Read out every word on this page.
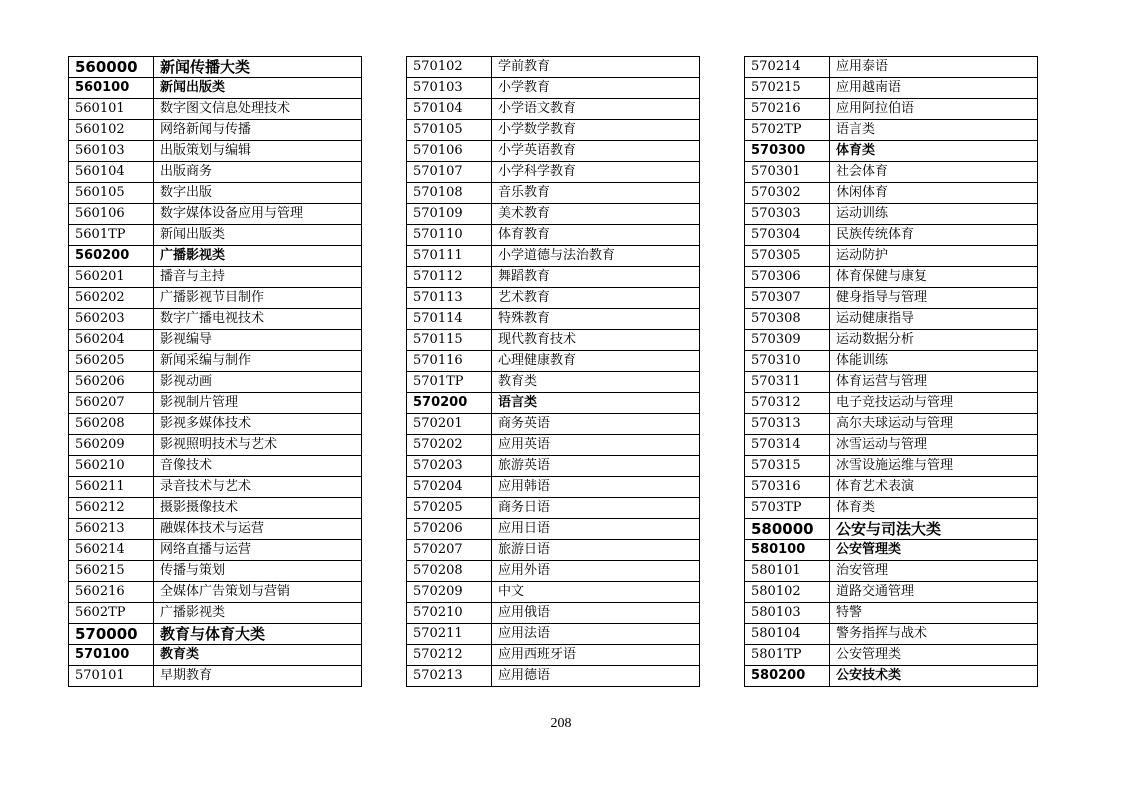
560000	新闻传播大类
560100	新闻出版类
560101	数字图文信息处理技术
560102	网络新闻与传播
560103	出版策划与编辑
560104	出版商务
560105	数字出版
560106	数字媒体设备应用与管理
5601TP	新闻出版类
560200	广播影视类
560201	播音与主持
560202	广播影视节目制作
560203	数字广播电视技术
560204	影视编导
560205	新闻采编与制作
560206	影视动画
560207	影视制片管理
560208	影视多媒体技术
560209	影视照明技术与艺术
560210	音像技术
560211	录音技术与艺术
560212	摄影摄像技术
560213	融媒体技术与运营
560214	网络直播与运营
560215	传播与策划
560216	全媒体广告策划与营销
5602TP	广播影视类
570000	教育与体育大类
570100	教育类
570101	早期教育
570102	学前教育
570103	小学教育
570104	小学语文教育
570105	小学数学教育
570106	小学英语教育
570107	小学科学教育
570108	音乐教育
570109	美术教育
570110	体育教育
570111	小学道德与法治教育
570112	舞蹈教育
570113	艺术教育
570114	特殊教育
570115	现代教育技术
570116	心理健康教育
5701TP	教育类
570200	语言类
570201	商务英语
570202	应用英语
570203	旅游英语
570204	应用韩语
570205	商务日语
570206	应用日语
570207	旅游日语
570208	应用外语
570209	中文
570210	应用俄语
570211	应用法语
570212	应用西班牙语
570213	应用德语
570214	应用泰语
570215	应用越南语
570216	应用阿拉伯语
5702TP	语言类
570300	体育类
570301	社会体育
570302	休闲体育
570303	运动训练
570304	民族传统体育
570305	运动防护
570306	体育保健与康复
570307	健身指导与管理
570308	运动健康指导
570309	运动数据分析
570310	体能训练
570311	体育运营与管理
570312	电子竞技运动与管理
570313	高尔夫球运动与管理
570314	冰雪运动与管理
570315	冰雪设施运维与管理
570316	体育艺术表演
5703TP	体育类
580000	公安与司法大类
580100	公安管理类
580101	治安管理
580102	道路交通管理
580103	特警
580104	警务指挥与战术
5801TP	公安管理类
580200	公安技术类
208
